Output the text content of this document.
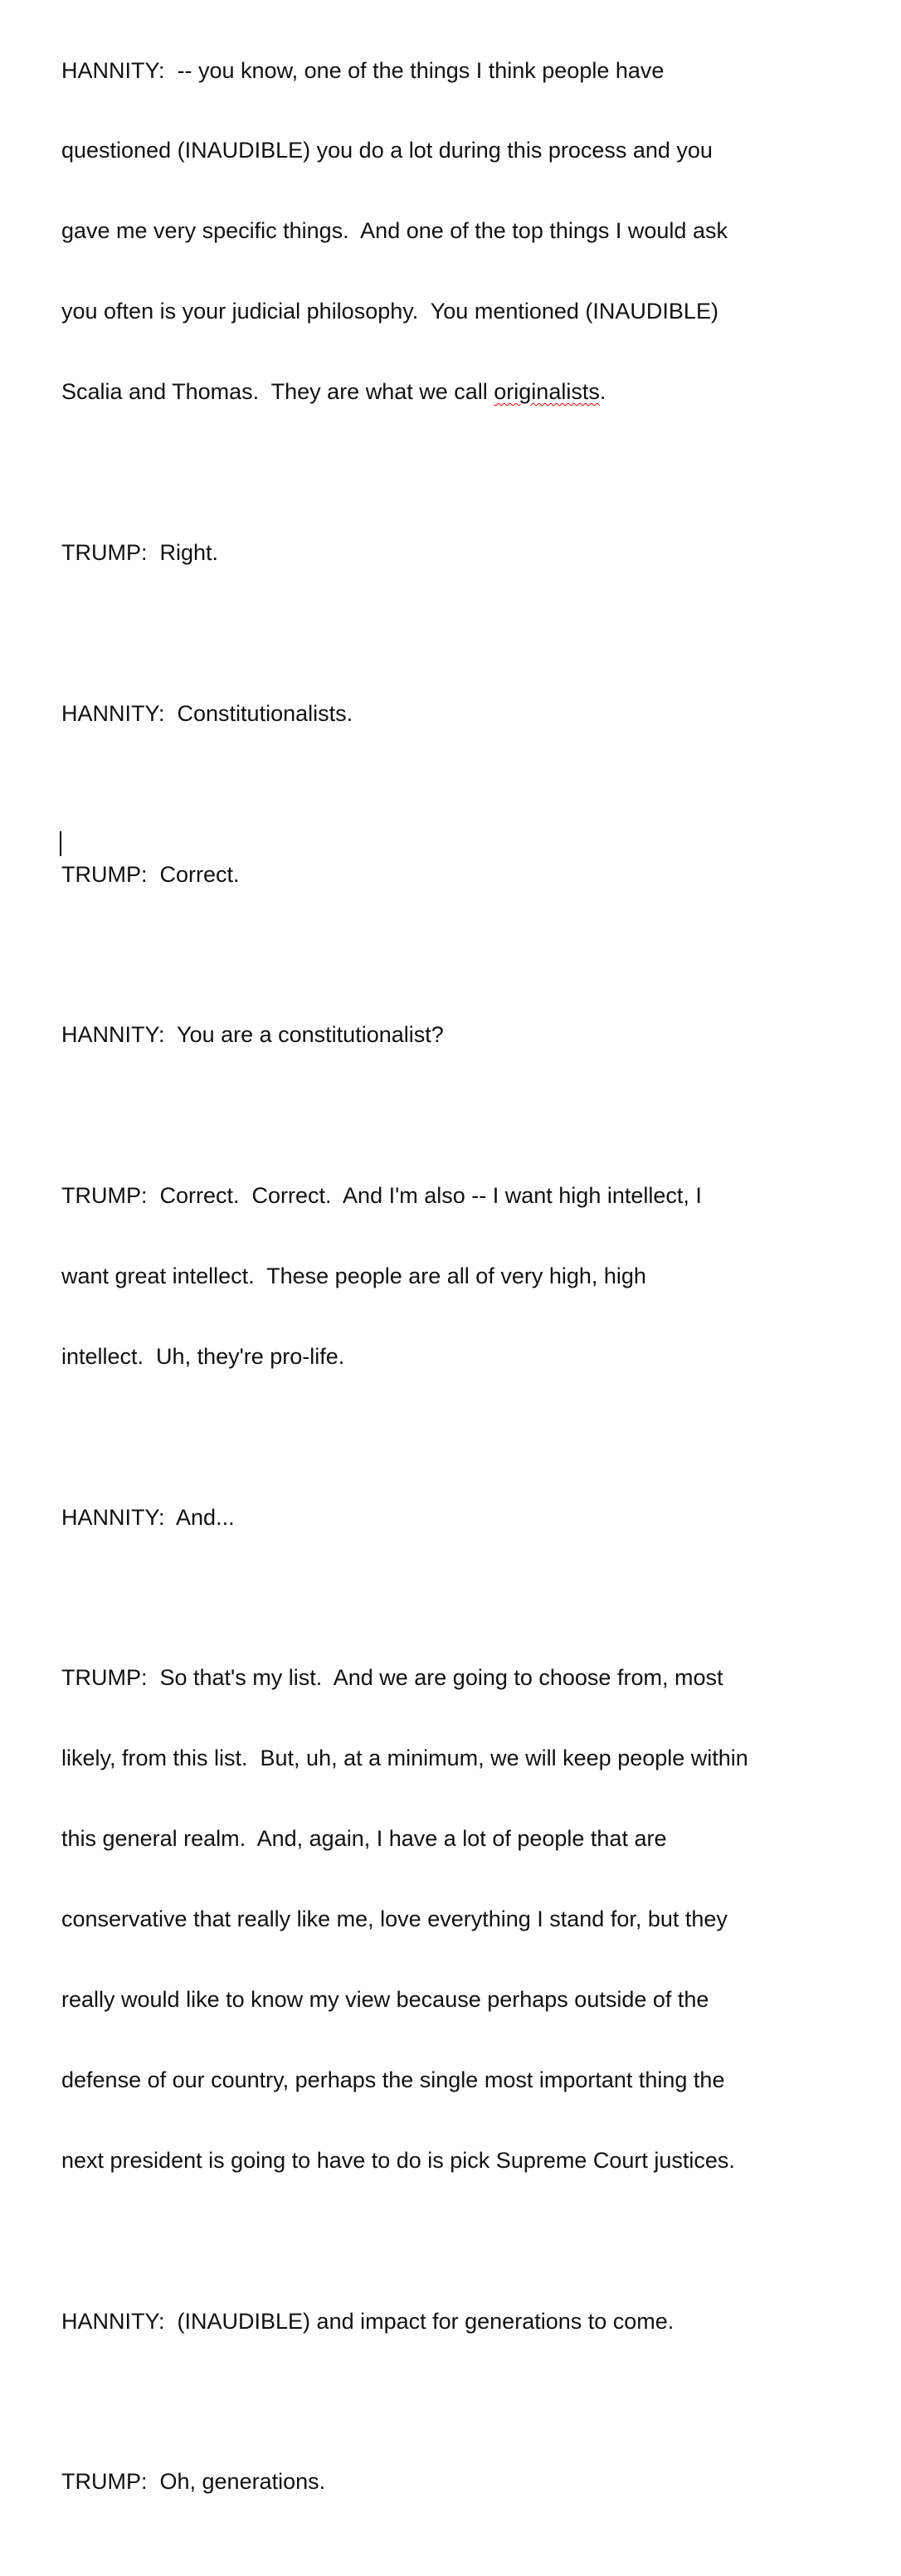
HANNITY:  -- you know, one of the things I think people have

questioned (INAUDIBLE) you do a lot during this process and you

gave me very specific things.  And one of the top things I would ask

you often is your judicial philosophy.  You mentioned (INAUDIBLE)

Scalia and Thomas.  They are what we call originalists.

TRUMP:  Right.

HANNITY:  Constitutionalists.

TRUMP:  Correct.

HANNITY:  You are a constitutionalist?

TRUMP:  Correct.  Correct.  And I'm also -- I want high intellect, I

want great intellect.  These people are all of very high, high

intellect.  Uh, they're pro-life.

HANNITY:  And...

TRUMP:  So that's my list.  And we are going to choose from, most

likely, from this list.  But, uh, at a minimum, we will keep people within

this general realm.  And, again, I have a lot of people that are

conservative that really like me, love everything I stand for, but they

really would like to know my view because perhaps outside of the

defense of our country, perhaps the single most important thing the

next president is going to have to do is pick Supreme Court justices.

HANNITY:  (INAUDIBLE) and impact for generations to come.

TRUMP:  Oh, generations.
